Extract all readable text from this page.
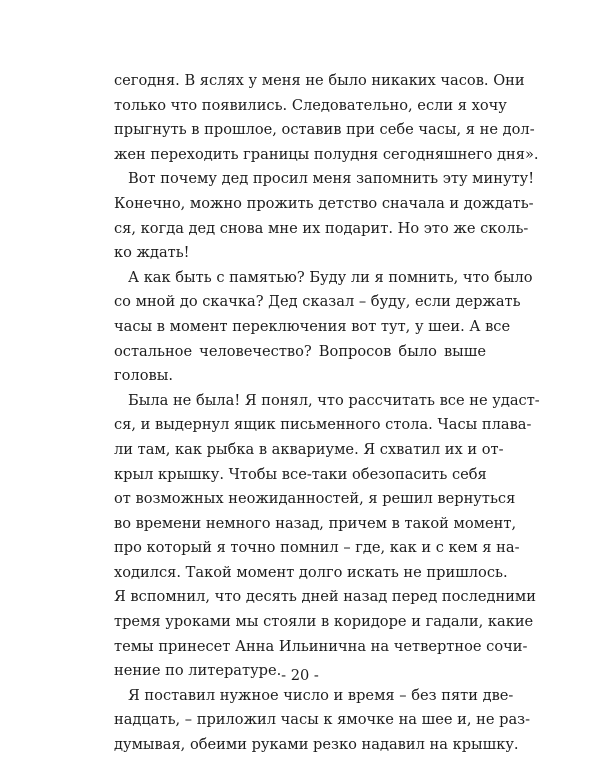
сегодня. В яслях у меня не было никаких часов. Они
только что появились. Следовательно, если я хочу
прыгнуть в прошлое, оставив при себе часы, я не дол-
жен переходить границы полудня сегодняшнего дня».
Вот почему дед просил меня запомнить эту минуту!
Конечно, можно прожить детство сначала и дождать-
ся, когда дед снова мне их подарит. Но это же сколь-
ко ждать!
А как быть с памятью? Буду ли я помнить, что было
со мной до скачка? Дед сказал – буду, если держать
часы в момент переключения вот тут, у шеи. А все
остальное человечество? Вопросов было выше
головы.
Была не была! Я понял, что рассчитать все не удаст-
ся, и выдернул ящик письменного стола. Часы плава-
ли там, как рыбка в аквариуме. Я схватил их и от-
крыл крышку. Чтобы все-таки обезопасить себя
от возможных неожиданностей, я решил вернуться
во времени немного назад, причем в такой момент,
про который я точно помнил – где, как и с кем я на-
ходился. Такой момент долго искать не пришлось.
Я вспомнил, что десять дней назад перед последними
тремя уроками мы стояли в коридоре и гадали, какие
темы принесет Анна Ильинична на четвертное сочи-
нение по литературе.
Я поставил нужное число и время – без пяти две-
надцать, – приложил часы к ямочке на шее и, не раз-
думывая, обеими руками резко надавил на крышку.
- 20 -
